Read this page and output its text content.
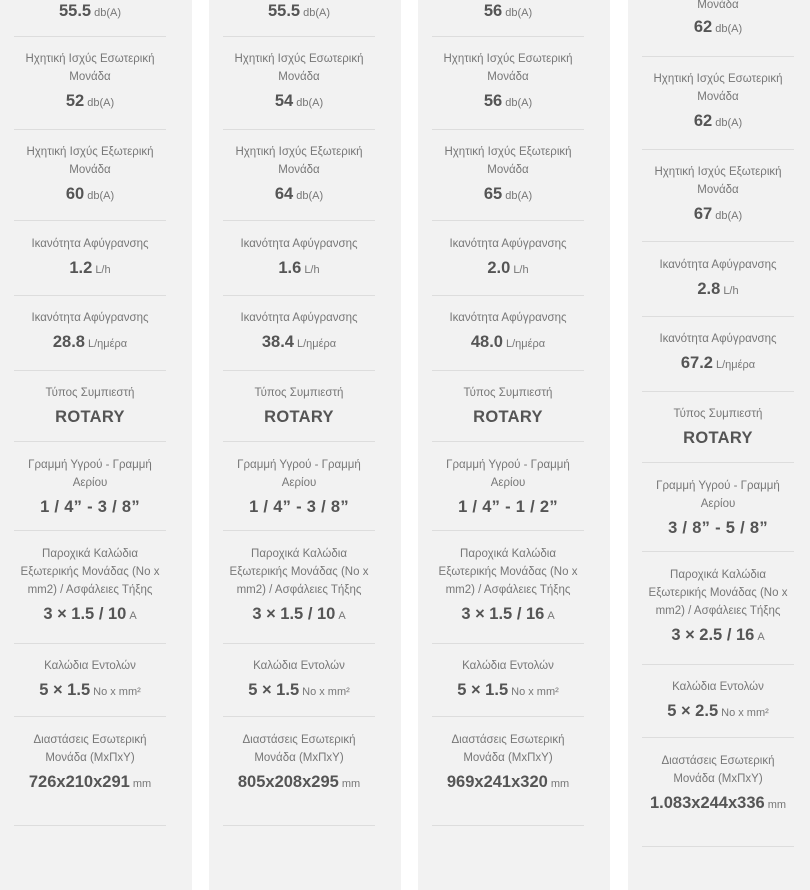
55.5 db(A)
Ηχητική Ισχύς Εσωτερική Μονάδα
52 db(A)
Ηχητική Ισχύς Εξωτερική Μονάδα
60 db(A)
Ικανότητα Αφύγρανσης
1.2 L/h
Ικανότητα Αφύγρανσης
28.8 L/ημέρα
Τύπος Συμπιεστή
ROTARY
Γραμμή Υγρού - Γραμμή Αερίου
1 / 4” - 3 / 8”
Παροχικά Καλώδια Εξωτερικής Μονάδας (No x mm2) / Ασφάλειες Τήξης
3 × 1.5 / 10 A
Καλώδια Εντολών
5 × 1.5 No x mm²
Διαστάσεις Εσωτερική Μονάδα (ΜxΠxΥ)
726x210x291 mm
55.5 db(A)
Ηχητική Ισχύς Εσωτερική Μονάδα
54 db(A)
Ηχητική Ισχύς Εξωτερική Μονάδα
64 db(A)
Ικανότητα Αφύγρανσης
1.6 L/h
Ικανότητα Αφύγρανσης
38.4 L/ημέρα
Τύπος Συμπιεστή
ROTARY
Γραμμή Υγρού - Γραμμή Αερίου
1 / 4” - 3 / 8”
Παροχικά Καλώδια Εξωτερικής Μονάδας (No x mm2) / Ασφάλειες Τήξης
3 × 1.5 / 10 A
Καλώδια Εντολών
5 × 1.5 No x mm²
Διαστάσεις Εσωτερική Μονάδα (ΜxΠxΥ)
805x208x295 mm
56 db(A)
Ηχητική Ισχύς Εσωτερική Μονάδα
56 db(A)
Ηχητική Ισχύς Εξωτερική Μονάδα
65 db(A)
Ικανότητα Αφύγρανσης
2.0 L/h
Ικανότητα Αφύγρανσης
48.0 L/ημέρα
Τύπος Συμπιεστή
ROTARY
Γραμμή Υγρού - Γραμμή Αερίου
1 / 4” - 1 / 2”
Παροχικά Καλώδια Εξωτερικής Μονάδας (No x mm2) / Ασφάλειες Τήξης
3 × 1.5 / 16 A
Καλώδια Εντολών
5 × 1.5 No x mm²
Διαστάσεις Εσωτερική Μονάδα (ΜxΠxΥ)
969x241x320 mm
Μονάδα
62 db(A)
Ηχητική Ισχύς Εσωτερική Μονάδα
62 db(A)
Ηχητική Ισχύς Εξωτερική Μονάδα
67 db(A)
Ικανότητα Αφύγρανσης
2.8 L/h
Ικανότητα Αφύγρανσης
67.2 L/ημέρα
Τύπος Συμπιεστή
ROTARY
Γραμμή Υγρού - Γραμμή Αερίου
3 / 8” - 5 / 8”
Παροχικά Καλώδια Εξωτερικής Μονάδας (No x mm2) / Ασφάλειες Τήξης
3 × 2.5 / 16 A
Καλώδια Εντολών
5 × 2.5 No x mm²
Διαστάσεις Εσωτερική Μονάδα (ΜxΠxΥ)
1.083x244x336 mm
